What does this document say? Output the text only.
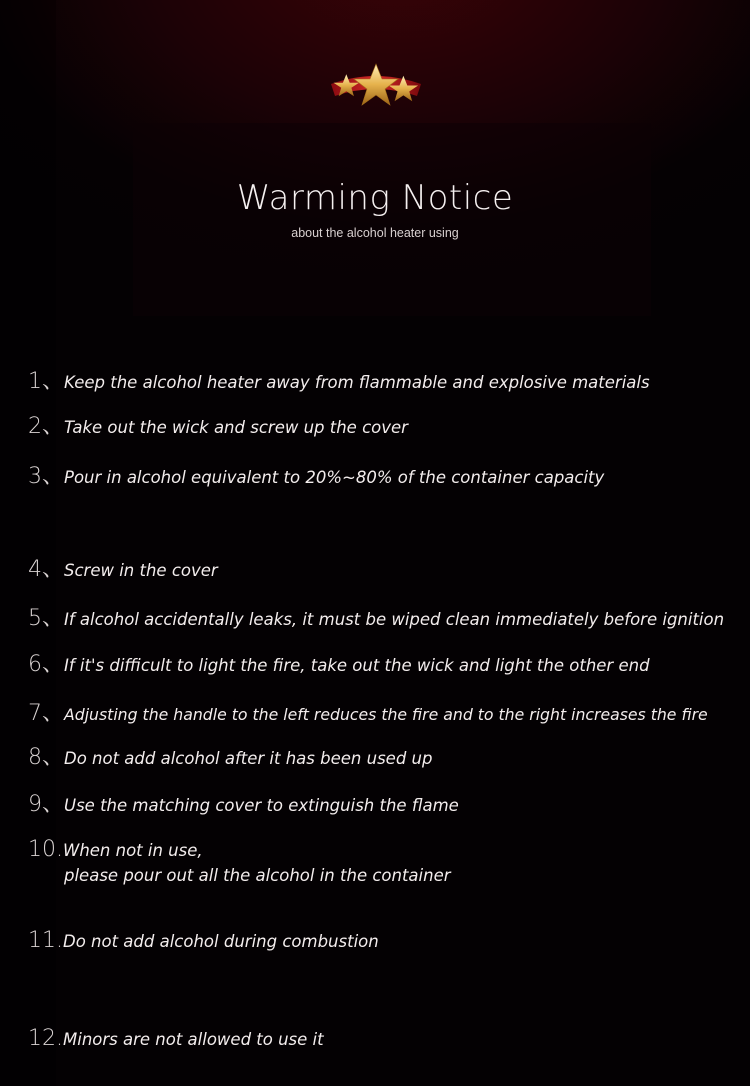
Warming Notice
about the alcohol heater using
1、Keep the alcohol heater away from flammable and explosive materials
2、Take out the wick and screw up the cover
3、Pour in alcohol equivalent to 20%~80% of the container capacity
4、Screw in the cover
5、If alcohol accidentally leaks, it must be wiped clean immediately before ignition
6、If it's difficult to light the fire, take out the wick and light the other end
7、Adjusting the handle to the left reduces the fire and to the right increases the fire
8、Do not add alcohol after it has been used up
9、Use the matching cover to extinguish the flame
10.When not in use,
please pour out all the alcohol in the container
11.Do not add alcohol during combustion
12.Minors are not allowed to use it
